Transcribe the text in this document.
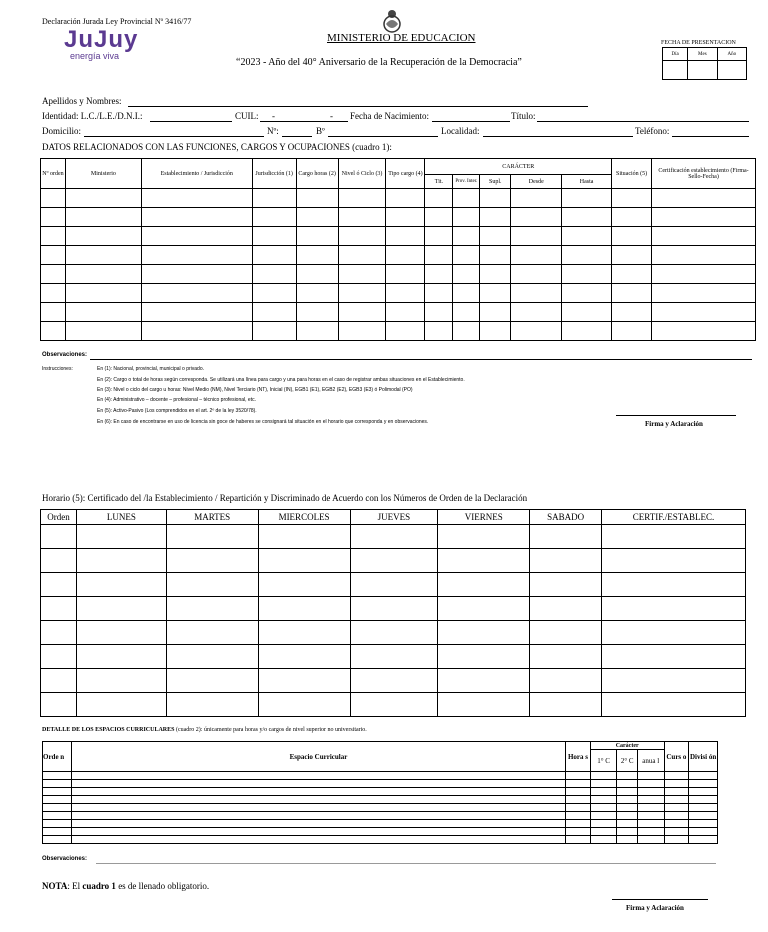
Declaración Jurada Ley Provincial Nº 3416/77
JuJuy
energía viva
MINISTERIO DE EDUCACION
“2023 - Año del 40° Aniversario de la Recuperación de la Democracia”
FECHA DE PRESENTACION
Día	Mes	Año

Apellidos y Nombres:
Identidad: L.C./L.E./D.N.I.:	CUIL: -	- Fecha de Nacimiento:	Título:
Domicilio:	Nº:	Bº	Localidad:	Teléfono:
DATOS RELACIONADOS CON LAS FUNCIONES, CARGOS Y OCUPACIONES (cuadro 1):
Nº orden	Ministerio	Establecimiento / Jurisdicción	Jurisdicción (1)	Cargo horas (2)	Nivel ó Ciclo (3)	Tipo cargo (4)	CARÁCTER					Situación (5)	Certificación establecimiento (Firma-Sello-Fecha)
							Tit.	Prov. Inter.	Supl.	Desde	Hasta		

Observaciones:
Instrucciones:	En (1): Nacional, provincial, municipal o privado.
En (2): Cargo o total de horas según corresponda. Se utilizará una línea para cargo y una para horas en el caso de registrar ambas situaciones en el Establecimiento.
En (3): Nivel o ciclo del cargo u horas: Nivel Medio (NM), Nivel Terciario (NT), Inicial (IN), EGB1 (E1), EGB2 (E2), EGB3 (E3) ó Polimodal (PO)
En (4): Administrativo – docente – profesional – técnico profesional, etc.
En (5): Activo-Pasivo (Los comprendidos en el art. 2º de la ley 3520/78).
En (6): En caso de encontrarse en uso de licencia sin goce de haberes se consignará tal situación en el horario que corresponda y en observaciones.	Firma y Aclaración
Horario (5): Certificado del /la Establecimiento / Repartición y Discriminado de Acuerdo con los Números de Orden de la Declaración
Orden	LUNES	MARTES	MIERCOLES	JUEVES	VIERNES	SABADO	CERTIF./ESTABLEC.

DETALLE DE LOS ESPACIOS CURRICULARES (cuadro 2): únicamente para horas y/o cargos de nivel superior no universitario.
Orde n	Espacio Curricular	Hora s	Carácter			Curs o	Divisi ón
			1° C	2° C	anua l		

Observaciones:
NOTA: El cuadro 1 es de llenado obligatorio.
Firma y Aclaración
